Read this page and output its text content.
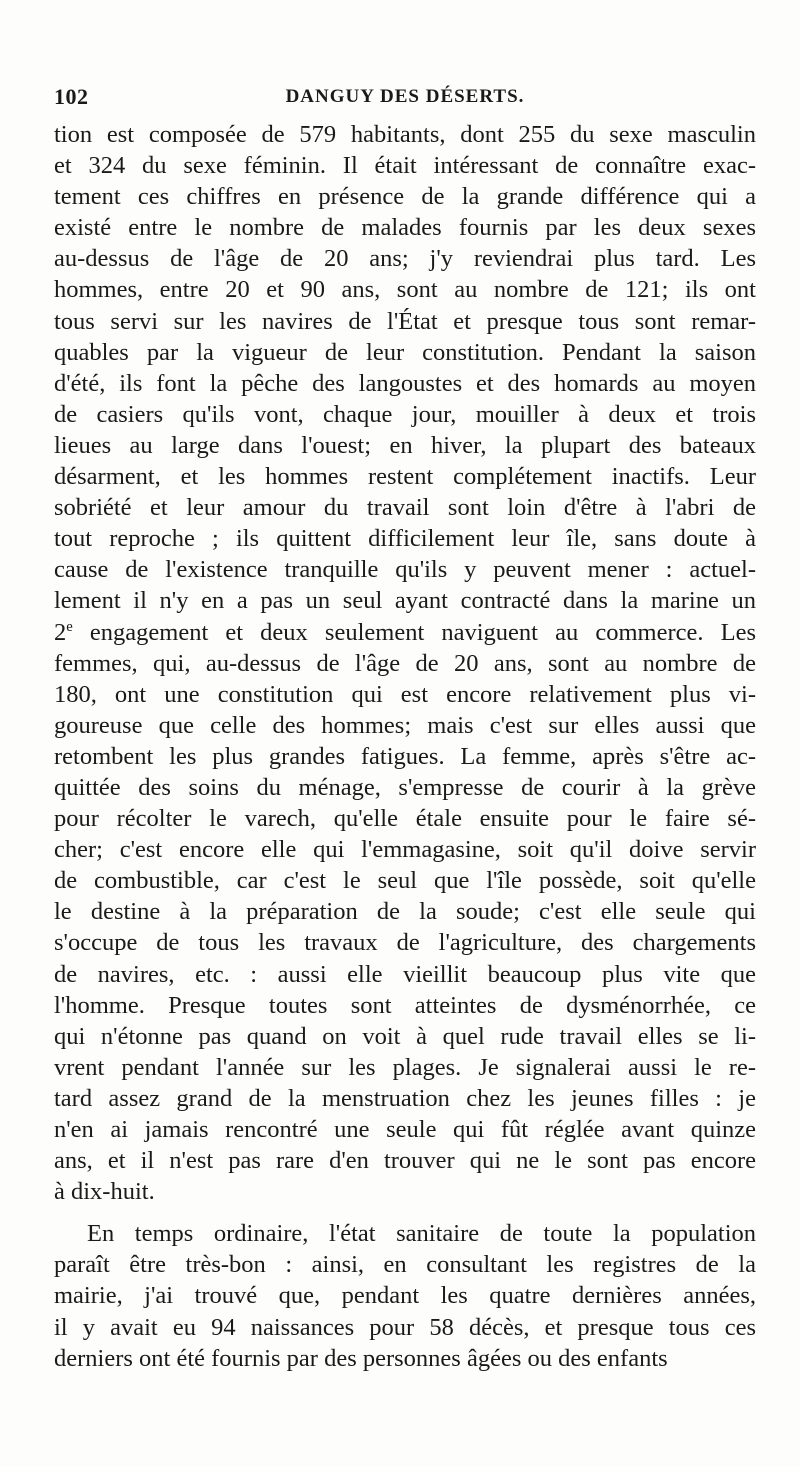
102	DANGUY DES DÉSERTS.
tion est composée de 579 habitants, dont 255 du sexe masculin
et 324 du sexe féminin. Il était intéressant de connaître exac-
tement ces chiffres en présence de la grande différence qui a
existé entre le nombre de malades fournis par les deux sexes
au-dessus de l'âge de 20 ans; j'y reviendrai plus tard. Les
hommes, entre 20 et 90 ans, sont au nombre de 121; ils ont
tous servi sur les navires de l'État et presque tous sont remar-
quables par la vigueur de leur constitution. Pendant la saison
d'été, ils font la pêche des langoustes et des homards au moyen
de casiers qu'ils vont, chaque jour, mouiller à deux et trois
lieues au large dans l'ouest; en hiver, la plupart des bateaux
désarment, et les hommes restent complétement inactifs. Leur
sobriété et leur amour du travail sont loin d'être à l'abri de
tout reproche ; ils quittent difficilement leur île, sans doute à
cause de l'existence tranquille qu'ils y peuvent mener : actuel-
lement il n'y en a pas un seul ayant contracté dans la marine un
2e engagement et deux seulement naviguent au commerce. Les
femmes, qui, au-dessus de l'âge de 20 ans, sont au nombre de
180, ont une constitution qui est encore relativement plus vi-
goureuse que celle des hommes; mais c'est sur elles aussi que
retombent les plus grandes fatigues. La femme, après s'être ac-
quittée des soins du ménage, s'empresse de courir à la grève
pour récolter le varech, qu'elle étale ensuite pour le faire sé-
cher; c'est encore elle qui l'emmagasine, soit qu'il doive servir
de combustible, car c'est le seul que l'île possède, soit qu'elle
le destine à la préparation de la soude; c'est elle seule qui
s'occupe de tous les travaux de l'agriculture, des chargements
de navires, etc. : aussi elle vieillit beaucoup plus vite que
l'homme. Presque toutes sont atteintes de dysménorrhée, ce
qui n'étonne pas quand on voit à quel rude travail elles se li-
vrent pendant l'année sur les plages. Je signalerai aussi le re-
tard assez grand de la menstruation chez les jeunes filles : je
n'en ai jamais rencontré une seule qui fût réglée avant quinze
ans, et il n'est pas rare d'en trouver qui ne le sont pas encore
à dix-huit.
En temps ordinaire, l'état sanitaire de toute la population
paraît être très-bon : ainsi, en consultant les registres de la
mairie, j'ai trouvé que, pendant les quatre dernières années,
il y avait eu 94 naissances pour 58 décès, et presque tous ces
derniers ont été fournis par des personnes âgées ou des enfants
